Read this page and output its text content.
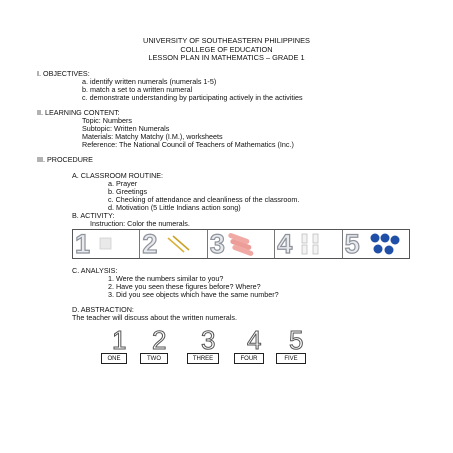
UNIVERSITY OF SOUTHEASTERN PHILIPPINES
COLLEGE OF EDUCATION
LESSON PLAN IN MATHEMATICS – GRADE 1
I. OBJECTIVES:
a. identify written numerals (numerals 1-5)
b. match a set to a written numeral
c. demonstrate understanding by participating actively in the activities
II. LEARNING CONTENT:
Topic: Numbers
Subtopic: Written Numerals
Materials: Matchy Matchy (I.M.), worksheets
Reference: The National Council of Teachers of Mathematics (Inc.)
III. PROCEDURE
A. CLASSROOM ROUTINE:
a. Prayer
b. Greetings
c. Checking of attendance and cleanliness of the classroom.
d. Motivation (5 Little Indians action song)
B. ACTIVITY:
Instruction: Color the numerals.
1 2 3 4 5
C. ANALYSIS:
1. Were the numbers similar to you?
2. Have you seen these figures before? Where?
3. Did you see objects which have the same number?
D. ABSTRACTION:
The teacher will discuss about the written numerals.
1 2 3 4 5
ONE	TWO	THREE	FOUR	FIVE
